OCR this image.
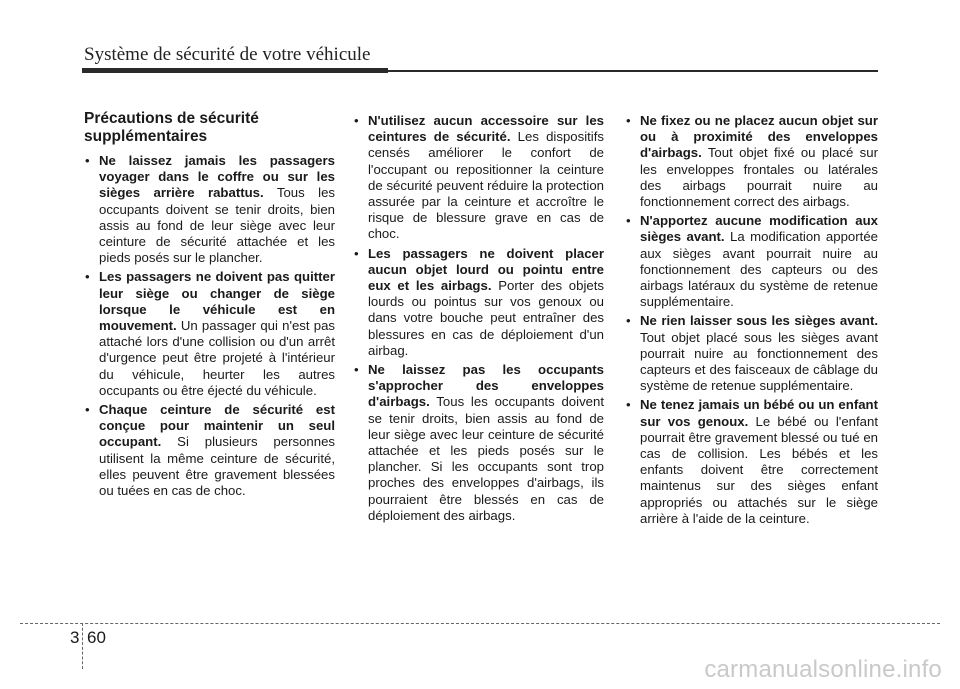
Système de sécurité de votre véhicule
Précautions de sécurité supplémentaires
• Ne laissez jamais les passagers voyager dans le coffre ou sur les sièges arrière rabattus. Tous les occupants doivent se tenir droits, bien assis au fond de leur siège avec leur ceinture de sécurité attachée et les pieds posés sur le plancher.
• Les passagers ne doivent pas quitter leur siège ou changer de siège lorsque le véhicule est en mouvement. Un passager qui n'est pas attaché lors d'une collision ou d'un arrêt d'urgence peut être projeté à l'intérieur du véhicule, heurter les autres occupants ou être éjecté du véhicule.
• Chaque ceinture de sécurité est conçue pour maintenir un seul occupant. Si plusieurs personnes utilisent la même ceinture de sécurité, elles peuvent être gravement blessées ou tuées en cas de choc.
• N'utilisez aucun accessoire sur les ceintures de sécurité. Les dispositifs censés améliorer le confort de l'occupant ou repositionner la ceinture de sécurité peuvent réduire la protection assurée par la ceinture et accroître le risque de blessure grave en cas de choc.
• Les passagers ne doivent placer aucun objet lourd ou pointu entre eux et les airbags. Porter des objets lourds ou pointus sur vos genoux ou dans votre bouche peut entraîner des blessures en cas de déploiement d'un airbag.
• Ne laissez pas les occupants s'approcher des enveloppes d'airbags. Tous les occupants doivent se tenir droits, bien assis au fond de leur siège avec leur ceinture de sécurité attachée et les pieds posés sur le plancher. Si les occupants sont trop proches des enveloppes d'airbags, ils pourraient être blessés en cas de déploiement des airbags.
• Ne fixez ou ne placez aucun objet sur ou à proximité des enveloppes d'airbags. Tout objet fixé ou placé sur les enveloppes frontales ou latérales des airbags pourrait nuire au fonctionnement correct des airbags.
• N'apportez aucune modification aux sièges avant. La modification apportée aux sièges avant pourrait nuire au fonctionnement des capteurs ou des airbags latéraux du système de retenue supplémentaire.
• Ne rien laisser sous les sièges avant. Tout objet placé sous les sièges avant pourrait nuire au fonctionnement des capteurs et des faisceaux de câblage du système de retenue supplémentaire.
• Ne tenez jamais un bébé ou un enfant sur vos genoux. Le bébé ou l'enfant pourrait être gravement blessé ou tué en cas de collision. Les bébés et les enfants doivent être correctement maintenus sur des sièges enfant appropriés ou attachés sur le siège arrière à l'aide de la ceinture.
3 60
carmanualsonline.info
